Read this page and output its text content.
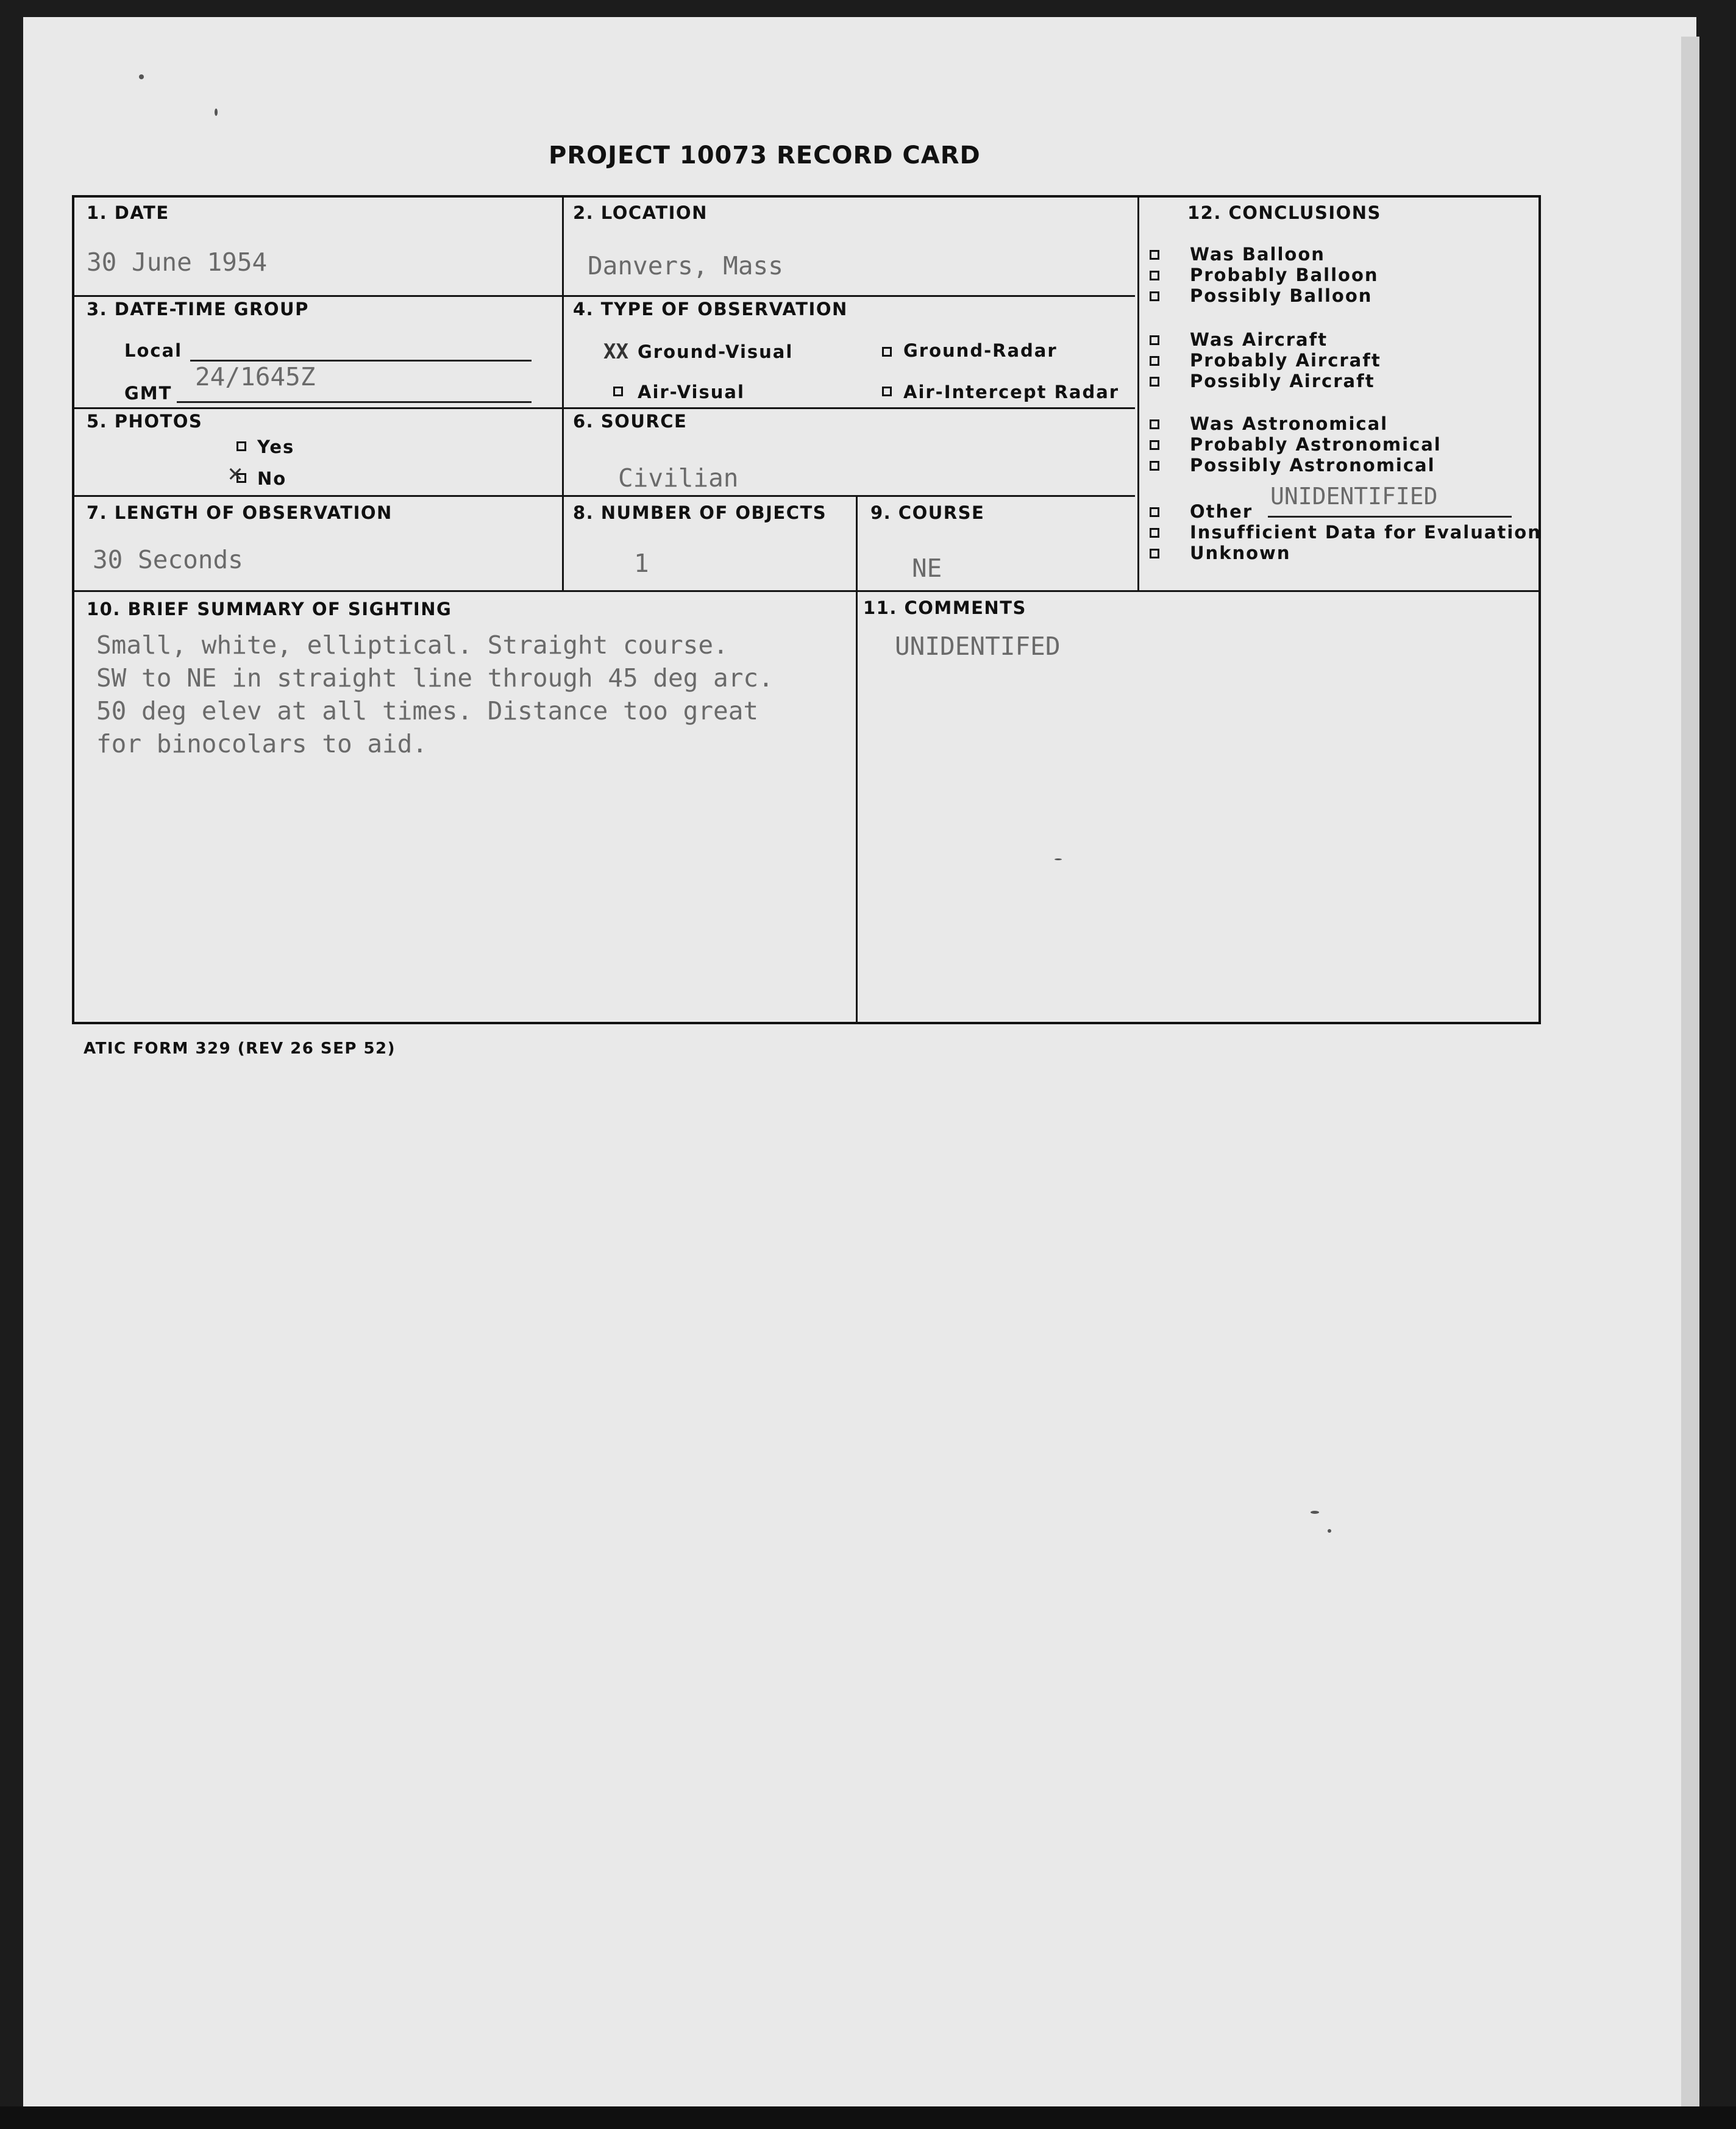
PROJECT 10073 RECORD CARD
1. DATE
30 June 1954
2. LOCATION
Danvers, Mass
3. DATE-TIME GROUP
Local
GMT
24/1645Z
4. TYPE OF OBSERVATION
XX Ground-Visual	Ground-Radar
Air-Visual	Air-Intercept Radar
5. PHOTOS
Yes
✕ No
6. SOURCE
Civilian
7. LENGTH OF OBSERVATION
30 Seconds
8. NUMBER OF OBJECTS
1
9. COURSE
NE
10. BRIEF SUMMARY OF SIGHTING
Small, white, elliptical. Straight course.
SW to NE in straight line through 45 deg arc.
50 deg elev at all times. Distance too great
for binocolars to aid.
11. COMMENTS
UNIDENTIFED
12. CONCLUSIONS
Was Balloon
Probably Balloon
Possibly Balloon
Was Aircraft
Probably Aircraft
Possibly Aircraft
Was Astronomical
Probably Astronomical
Possibly Astronomical
Other
UNIDENTIFIED
Insufficient Data for Evaluation
Unknown
ATIC FORM 329 (REV 26 SEP 52)
